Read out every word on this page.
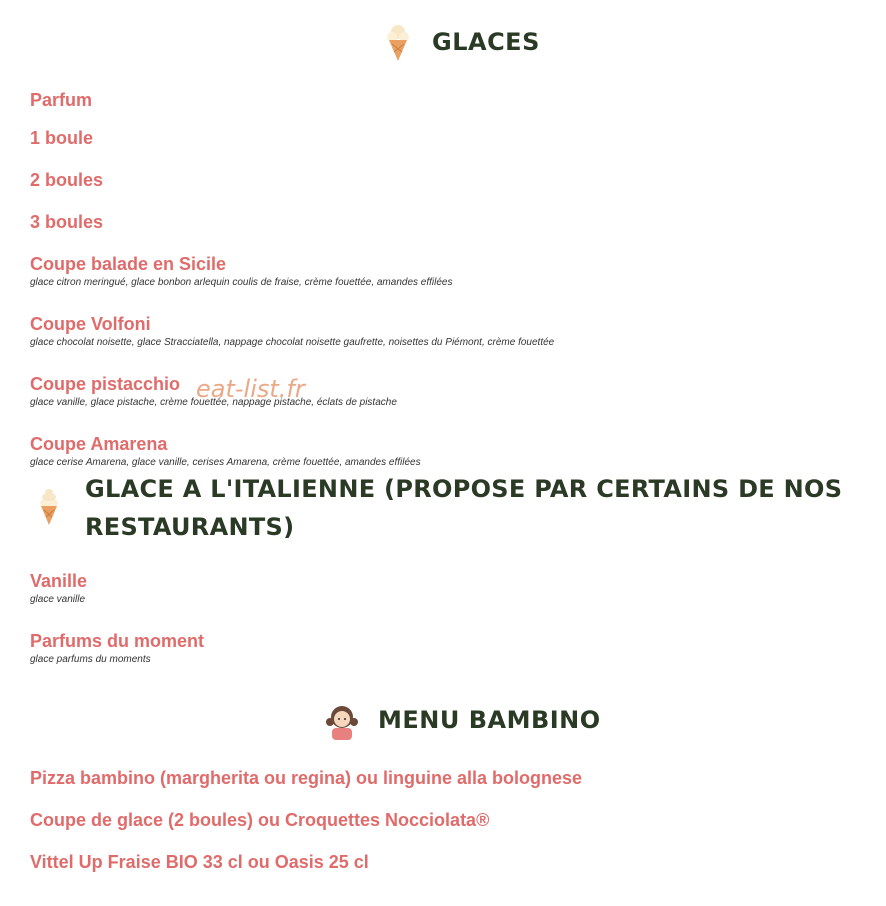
GLACES
Parfum
1 boule
2 boules
3 boules
Coupe balade en Sicile
glace citron meringué, glace bonbon arlequin coulis de fraise, crème fouettée, amandes effilées
Coupe Volfoni
glace chocolat noisette, glace Stracciatella, nappage chocolat noisette gaufrette, noisettes du Piémont, crème fouettée
Coupe pistacchio
glace vanille, glace pistache, crème fouettée, nappage pistache, éclats de pistache
Coupe Amarena
glace cerise Amarena, glace vanille, cerises Amarena, crème fouettée, amandes effilées
eat-list.fr
GLACE A L'ITALIENNE (PROPOSE PAR CERTAINS DE NOS
RESTAURANTS)
Vanille
glace vanille
Parfums du moment
glace parfums du moments
MENU BAMBINO
Pizza bambino (margherita ou regina) ou linguine alla bolognese
Coupe de glace (2 boules) ou Croquettes Nocciolata®
Vittel Up Fraise BIO 33 cl ou Oasis 25 cl
